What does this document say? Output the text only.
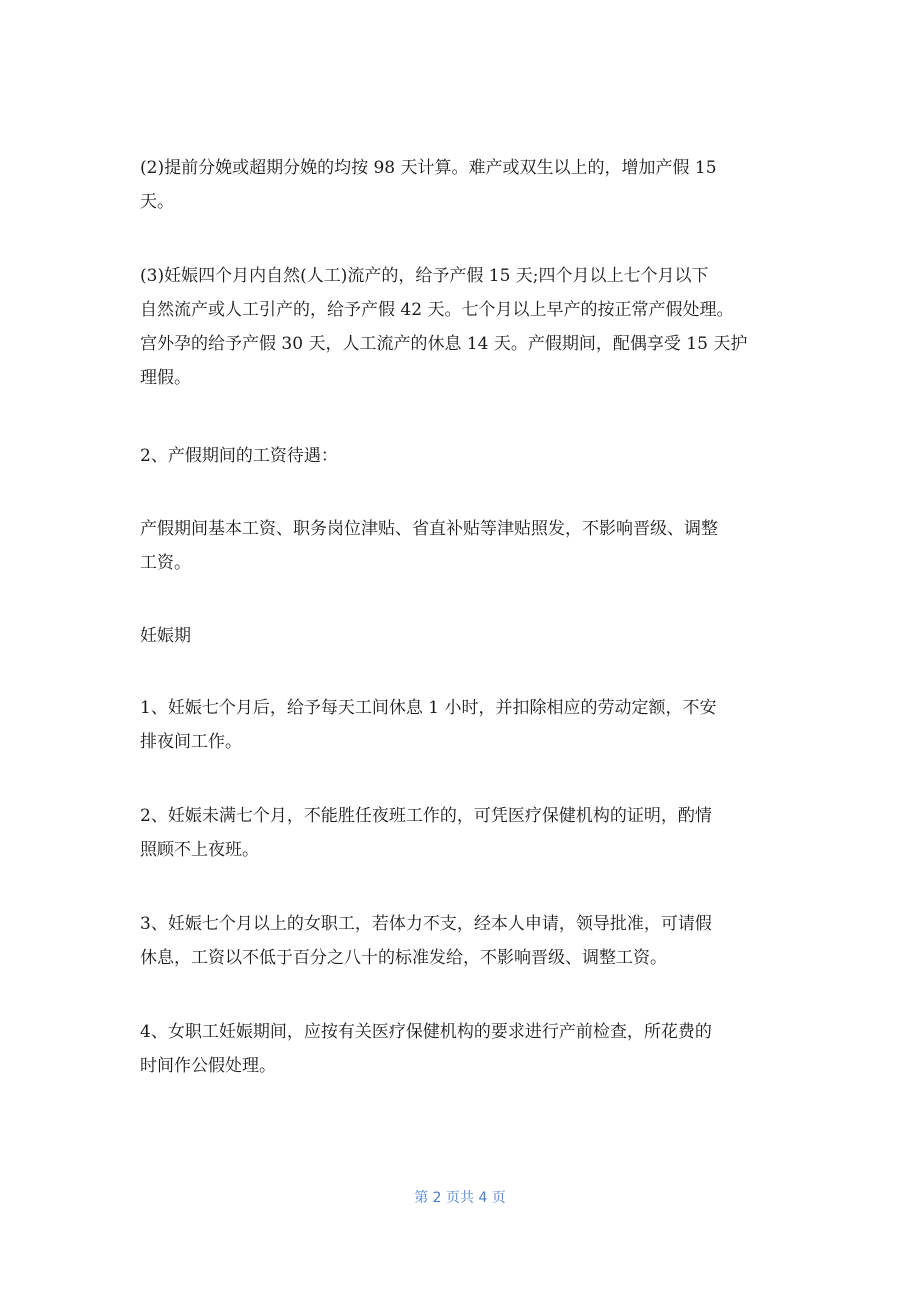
(2)提前分娩或超期分娩的均按 98 天计算。难产或双生以上的，增加产假 15
天。

(3)妊娠四个月内自然(人工)流产的，给予产假 15 天;四个月以上七个月以下
自然流产或人工引产的，给予产假 42 天。七个月以上早产的按正常产假处理。
宫外孕的给予产假 30 天，人工流产的休息 14 天。产假期间，配偶享受 15 天护
理假。

2、产假期间的工资待遇：

产假期间基本工资、职务岗位津贴、省直补贴等津贴照发，不影响晋级、调整
工资。

妊娠期

1、妊娠七个月后，给予每天工间休息 1 小时，并扣除相应的劳动定额，不安
排夜间工作。

2、妊娠未满七个月，不能胜任夜班工作的，可凭医疗保健机构的证明，酌情
照顾不上夜班。

3、妊娠七个月以上的女职工，若体力不支，经本人申请，领导批准，可请假
休息，工资以不低于百分之八十的标准发给，不影响晋级、调整工资。

4、女职工妊娠期间，应按有关医疗保健机构的要求进行产前检查，所花费的
时间作公假处理。

第 2 页共 4 页
